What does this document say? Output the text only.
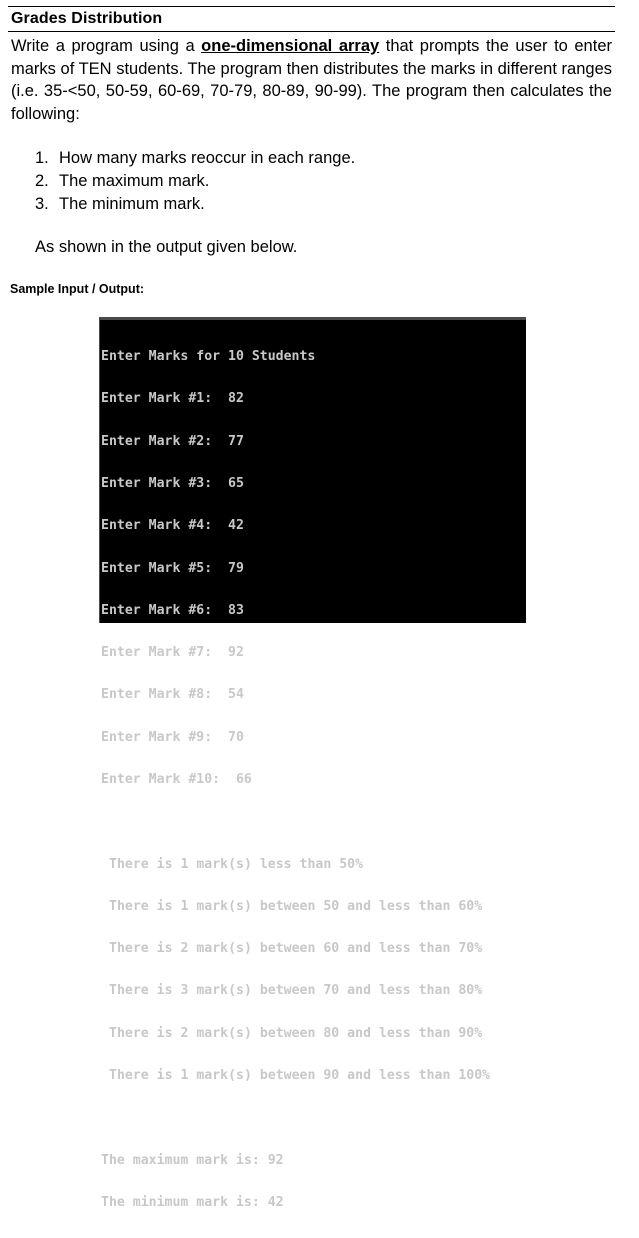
Grades Distribution

Write a program using a one-dimensional array that prompts the user to enter marks of TEN students. The program then distributes the marks in different ranges (i.e. 35-<50, 50-59, 60-69, 70-79, 80-89, 90-99). The program then calculates the following:

1. How many marks reoccur in each range.
2. The maximum mark.
3. The minimum mark.
As shown in the output given below.
Sample Input / Output:

Enter Marks for 10 Students

Enter Mark #1:  82

Enter Mark #2:  77

Enter Mark #3:  65

Enter Mark #4:  42

Enter Mark #5:  79

Enter Mark #6:  83

Enter Mark #7:  92

Enter Mark #8:  54

Enter Mark #9:  70

Enter Mark #10:  66

There is 1 mark(s) less than 50%

There is 1 mark(s) between 50 and less than 60%

There is 2 mark(s) between 60 and less than 70%

There is 3 mark(s) between 70 and less than 80%

There is 2 mark(s) between 80 and less than 90%

There is 1 mark(s) between 90 and less than 100%

The maximum mark is: 92

The minimum mark is: 42
